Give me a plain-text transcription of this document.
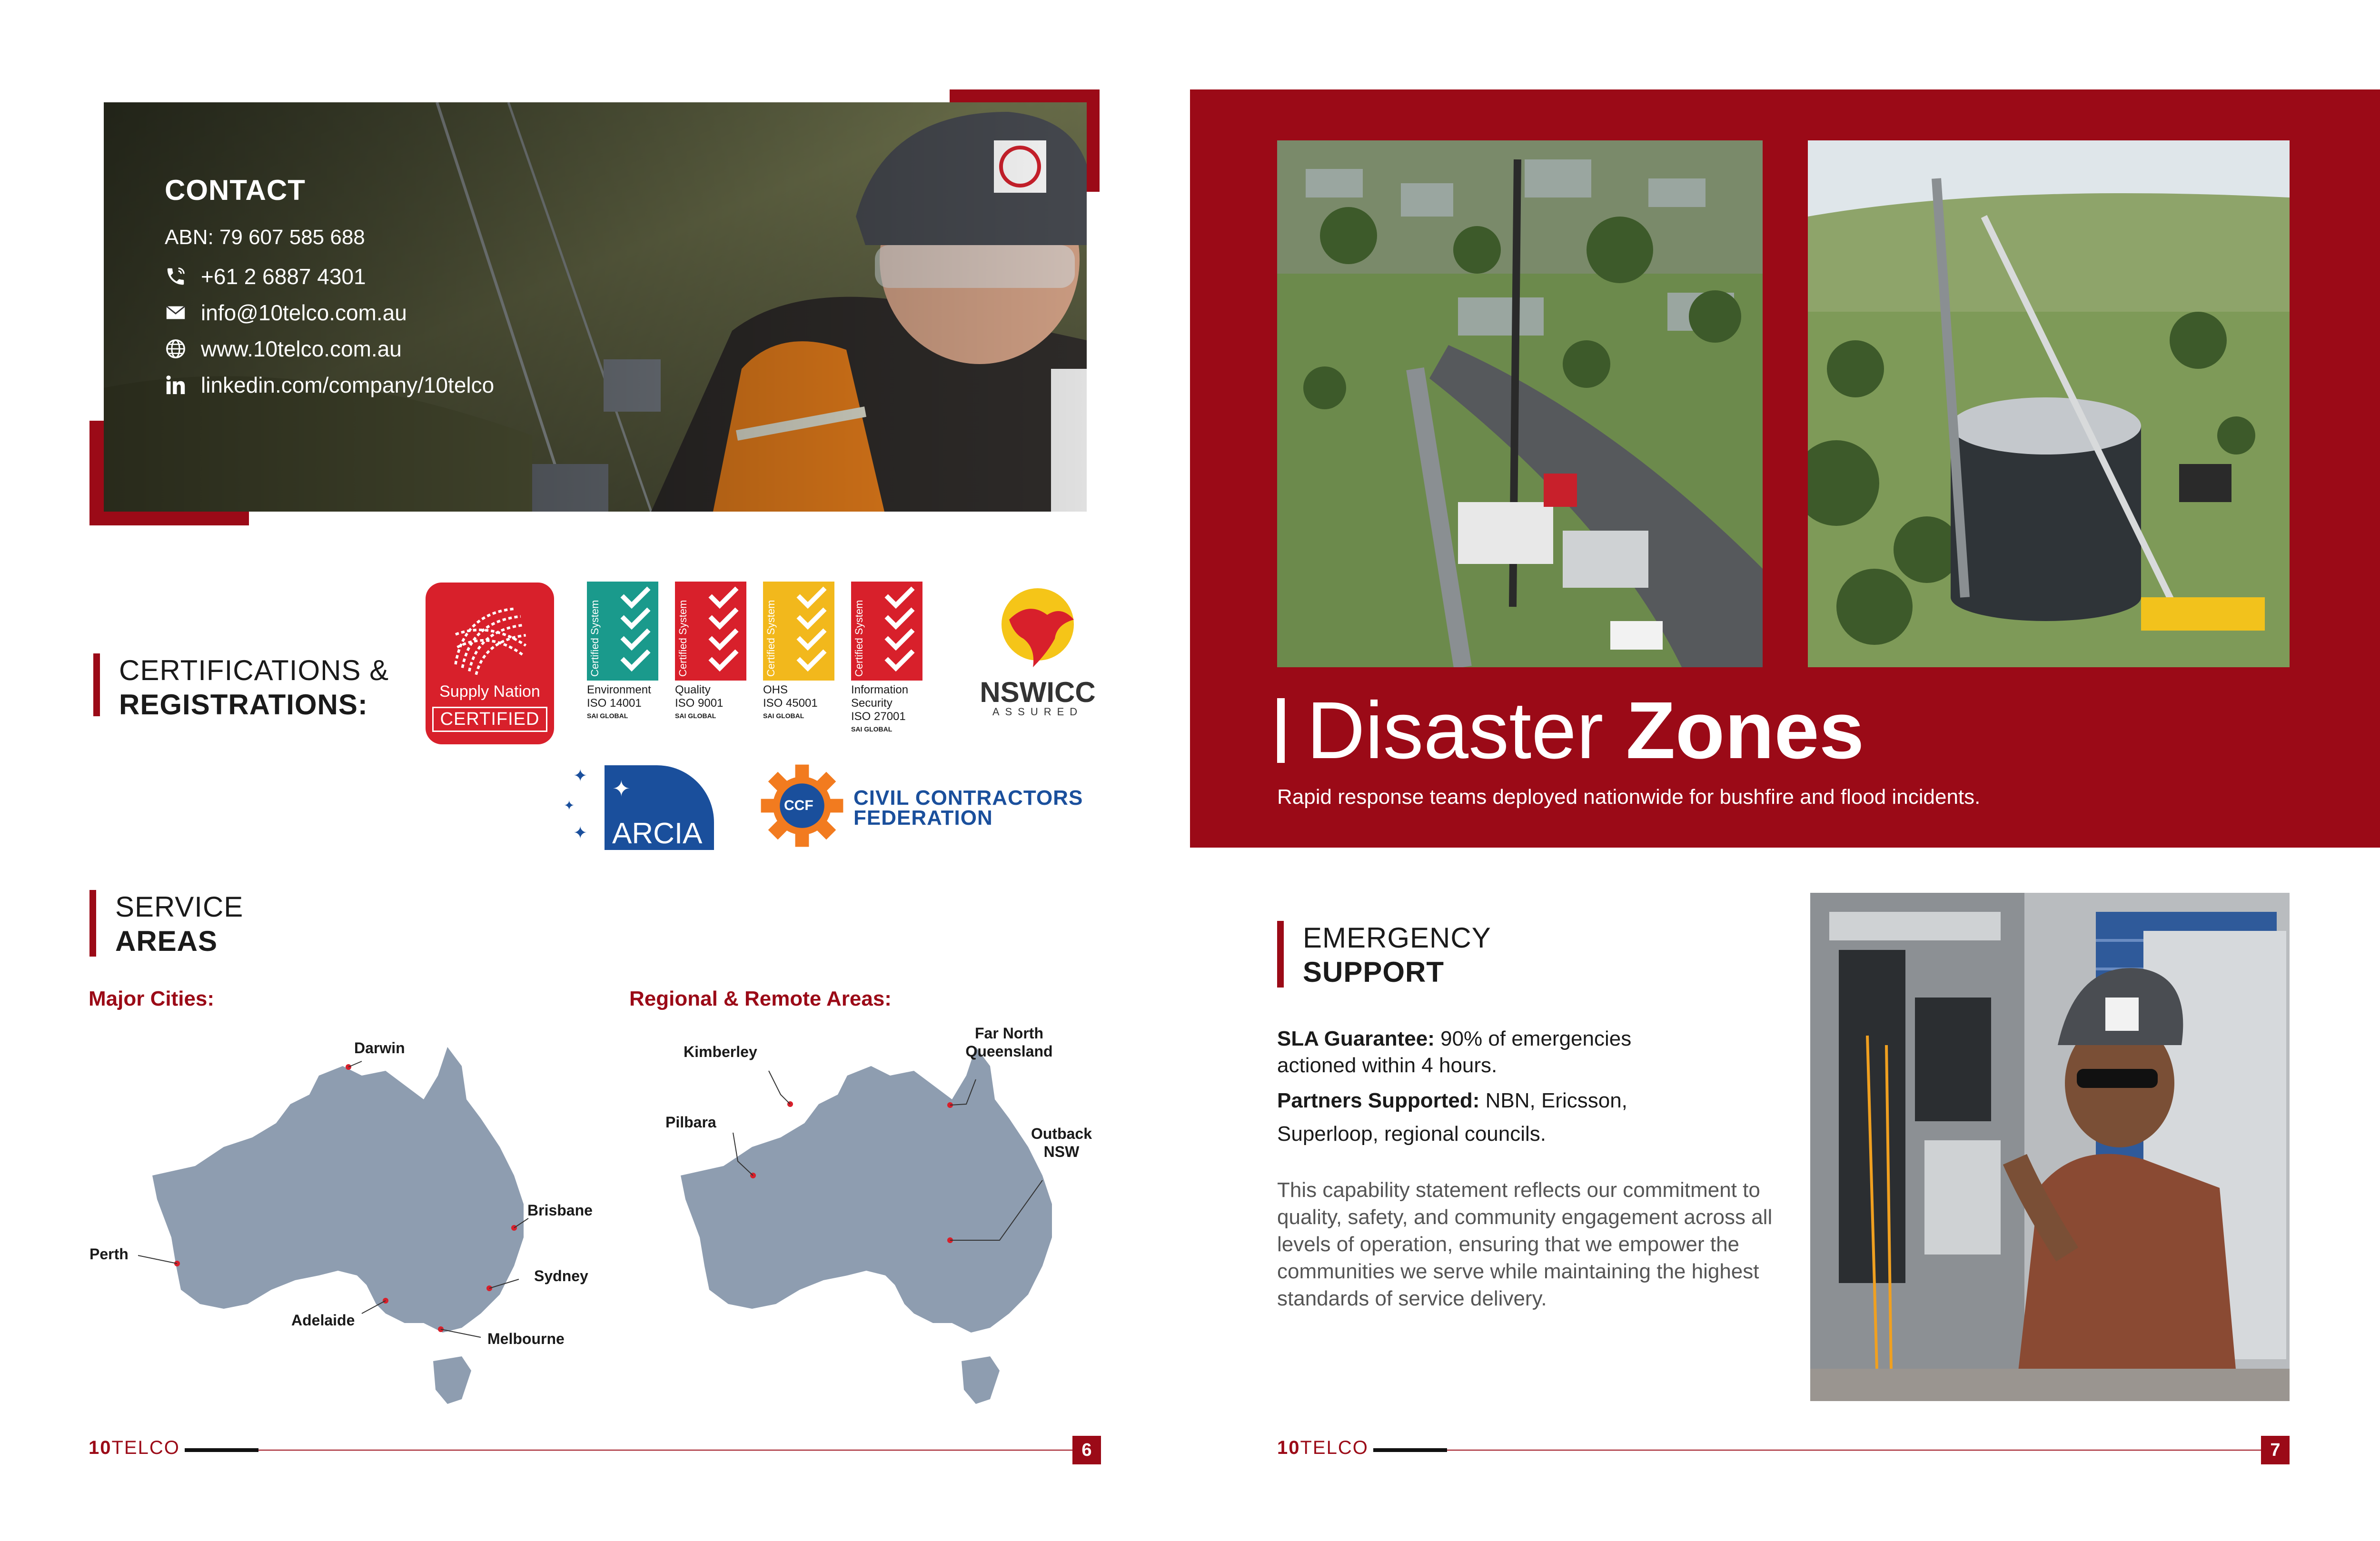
CONTACT
ABN: 79 607 585 688
+61 2 6887 4301
info@10telco.com.au
www.10telco.com.au
linkedin.com/company/10telco
CERTIFICATIONS &
REGISTRATIONS:	Supply Nation
CERTIFIED
Certified System
Environment
ISO 14001
SAI GLOBAL
Certified System
Quality
ISO 9001
SAI GLOBAL
Certified System
OHS
ISO 45001
SAI GLOBAL
Certified System
Information Security
ISO 27001
SAI GLOBAL
NSWICC
ASSURED
✦
✦
✦ ARCIA
✦
CCF CIVIL CONTRACTORS
FEDERATION
SERVICE
AREAS
Major Cities:	Regional & Remote Areas:
Darwin
Brisbane
Perth
Sydney
Adelaide
Melbourne
Kimberley
Far North
Queensland
Pilbara
Outback
NSW
10TELCO	6
Disaster Zones
Rapid response teams deployed nationwide for bushfire and flood incidents.
EMERGENCY
SUPPORT
SLA Guarantee: 90% of emergencies
actioned within 4 hours.
Partners Supported: NBN, Ericsson,
Superloop, regional councils.
This capability statement reflects our commitment to quality, safety, and community engagement across all levels of operation, ensuring that we empower the communities we serve while maintaining the highest standards of service delivery.
10TELCO	7
